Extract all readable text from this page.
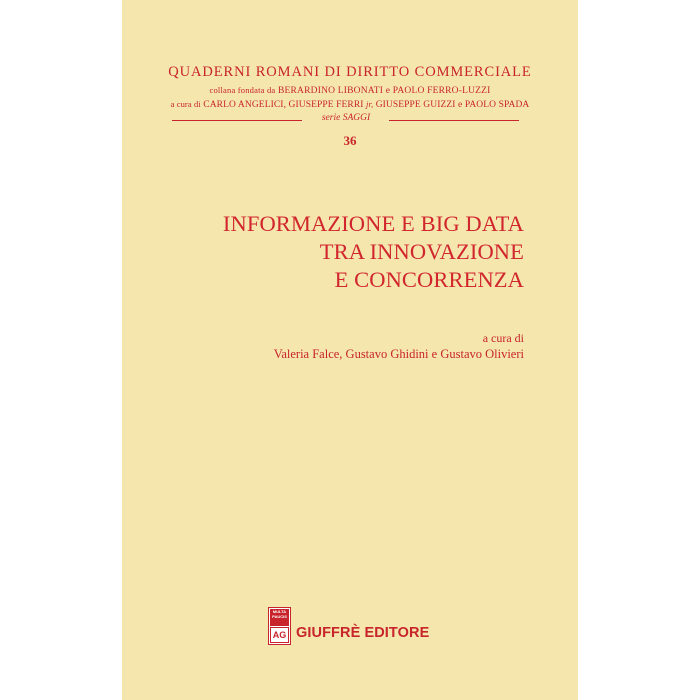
QUADERNI ROMANI DI DIRITTO COMMERCIALE
collana fondata da BERARDINO LIBONATI e PAOLO FERRO-LUZZI
a cura di CARLO ANGELICI, GIUSEPPE FERRI jr, GIUSEPPE GUIZZI e PAOLO SPADA
serie SAGGI
36
INFORMAZIONE E BIG DATA
TRA INNOVAZIONE
E CONCORRENZA
a cura di
Valeria Falce, Gustavo Ghidini e Gustavo Olivieri
MULTA PAUCIS
AG GIUFFRÈ EDITORE
